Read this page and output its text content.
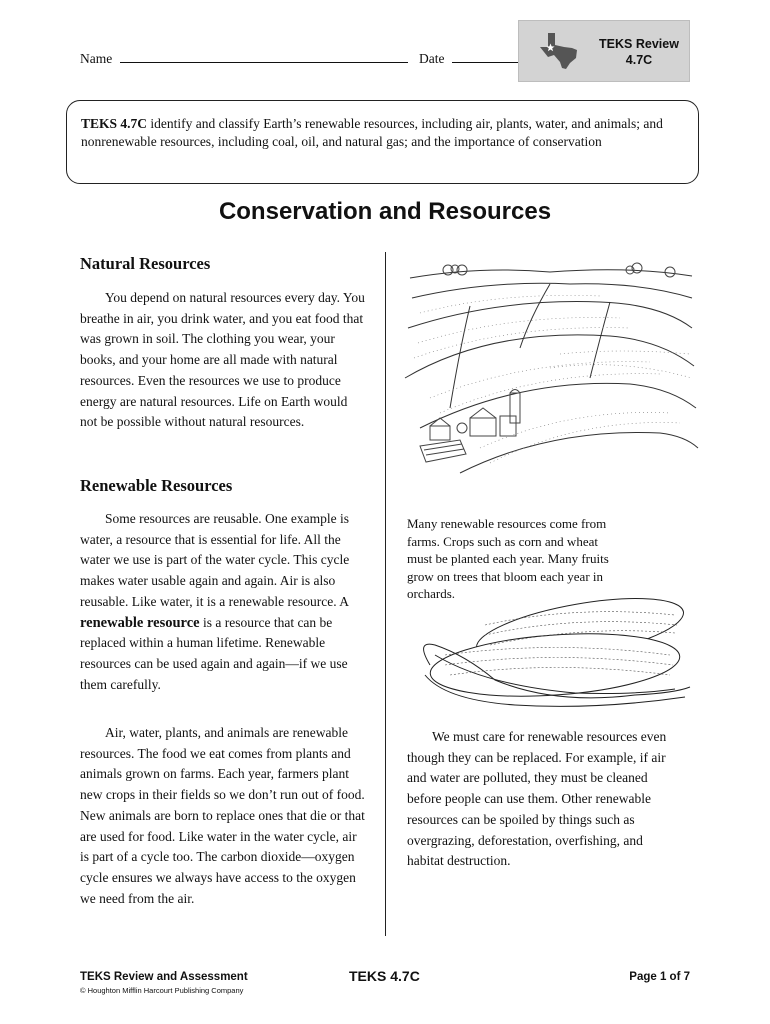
Name	Date
TEKS Review
4.7C
TEKS 4.7C identify and classify Earth’s renewable resources, including air, plants, water, and animals; and nonrenewable resources, including coal, oil, and natural gas; and the importance of conservation
Conservation and Resources
Natural Resources
You depend on natural resources every day. You breathe in air, you drink water, and you eat food that was grown in soil. The clothing you wear, your books, and your home are all made with natural resources. Even the resources we use to produce energy are natural resources. Life on Earth would not be possible without natural resources.
Renewable Resources
Some resources are reusable. One example is water, a resource that is essential for life. All the water we use is part of the water cycle. This cycle makes water usable again and again. Air is also reusable. Like water, it is a renewable resource. A renewable resource is a resource that can be replaced within a human lifetime. Renewable resources can be used again and again—if we use them carefully.
Air, water, plants, and animals are renewable resources. The food we eat comes from plants and animals grown on farms. Each year, farmers plant new crops in their fields so we don’t run out of food. New animals are born to replace ones that die or that are used for food. Like water in the water cycle, air is part of a cycle too. The carbon dioxide—oxygen cycle ensures we always have access to the oxygen we need from the air.
Many renewable resources come from farms. Crops such as corn and wheat must be planted each year. Many fruits grow on trees that bloom each year in orchards.
We must care for renewable resources even though they can be replaced. For example, if air and water are polluted, they must be cleaned before people can use them. Other renewable resources can be spoiled by things such as overgrazing, deforestation, overfishing, and habitat destruction.
TEKS Review and Assessment
© Houghton Mifflin Harcourt Publishing Company
TEKS 4.7C	Page 1 of 7
